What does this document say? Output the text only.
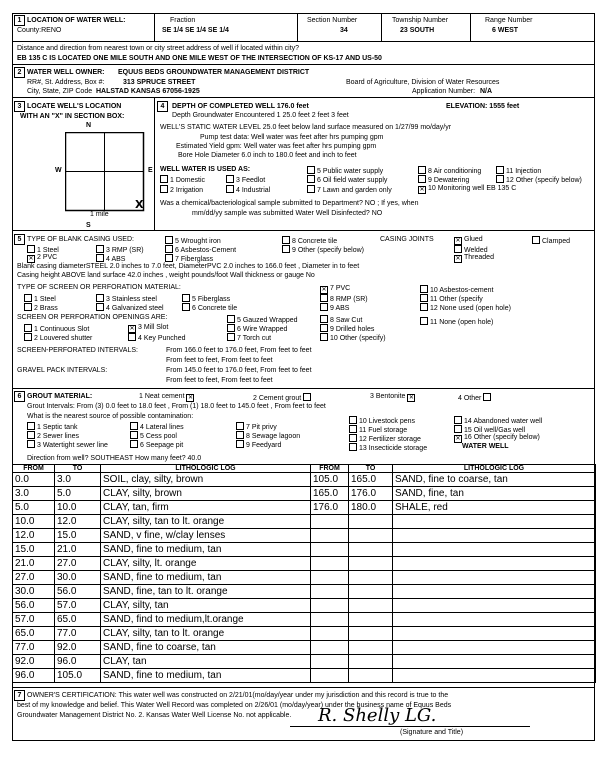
1 LOCATION OF WATER WELL:
County:RENO
Fraction
SE 1/4 SE 1/4 SE 1/4
Section Number
34
Township Number
23 SOUTH
Range Number
6 WEST
Distance and direction from nearest town or city street address of well if located within city?
EB 135 C IS LOCATED ONE MILE SOUTH AND ONE MILE WEST OF THE INTERSECTION OF KS-17 AND US-50
2 WATER WELL OWNER: EQUUS BEDS GROUNDWATER MANAGEMENT DISTRICT
RR#, St. Address, Box #:	313 SPRUCE STREET	Board of Agriculture, Division of Water Resources
City, State, ZIP Code HALSTAD KANSAS 67056-1925	Application Number: N/A
3 LOCATE WELL'S LOCATION
WITH AN "X" IN SECTION BOX:
N
W	E
S
X
1 mile
4	DEPTH OF COMPLETED WELL 176.0 feet	ELEVATION: 1555 feet
Depth Groundwater Encountered 1 25.0 feet 2 feet 3 feet
WELL'S STATIC WATER LEVEL 25.0 feet below land surface measured on 1/27/99 mo/day/yr
Pump test data: Well water was feet after hrs pumping gpm
Estimated Yield gpm: Well water was feet after hrs pumping gpm
Bore Hole Diameter 6.0 inch to 180.0 feet and inch to feet
WELL WATER IS USED AS:
1 Domestic	3 Feedlot
5 Public water supply	8 Air conditioning	11 Injection
2 Irrigation	4 Industrial
6 Oil field water supply	9 Dewatering	12 Other (specify below)
7 Lawn and garden only ✕	10 Monitoring well EB 135 C
Was a chemical/bacteriological sample submitted to Department? NO ; If yes, when
mm/dd/yy sample was submitted Water Well Disinfected? NO
5 TYPE OF BLANK CASING USED:
1 Steel
✕2 PVC
3 RMP (SR)
4 ABS
5 Wrought iron
6 Asbestos-Cement
7 Fiberglass
8 Concrete tile
9 Other (specify below)
CASING JOINTS ✕	Glued	Clamped
Welded
✕Threaded
Blank casing diameterSTEEL 2.0 inches to 7.0 feet, DiameterPVC 2.0 inches to 166.0 feet , Diameter in to feet
Casing height ABOVE land surface 42.0 inches , weight pounds/foot Wall thickness or gauge No
TYPE OF SCREEN OR PERFORATION MATERIAL:
1 Steel
2 Brass
3 Stainless steel
4 Galvanized steel
5 Fiberglass
6 Concrete tile
✕7 PVC
8 RMP (SR)
9 ABS
10 Asbestos-cement
11 Other (specify
12 None used (open hole)
SCREEN OR PERFORATION OPENINGS ARE:
1 Continuous Slot
2 Louvered shutter
✕3 Mill Slot
4 Key Punched
5 Gauzed Wrapped
6 Wire Wrapped
7 Torch cut
8 Saw Cut
9 Drilled holes
10 Other (specify)
11 None (open hole)
SCREEN-PERFORATED INTERVALS:	From 166.0 feet to 176.0 feet, From feet to feet
From feet to feet, From feet to feet
GRAVEL PACK INTERVALS:	From 145.0 feet to 176.0 feet, From feet to feet
From feet to feet, From feet to feet
6 GROUT MATERIAL:	1 Neat cement ✕	2 Cement grout	3 Bentonite ✕	4 Other
Grout Intervals: From (3) 0.0 feet to 18.0 feet , From (1) 18.0 feet to 145.0 feet , From feet to feet
What is the nearest source of possible contamination:
1 Septic tank
2 Sewer lines
3 Watertight sewer line
4 Lateral lines
5 Cess pool
6 Seepage pit
7 Pit privy
8 Sewage lagoon
9 Feedyard
10 Livestock pens
11 Fuel storage
12 Fertilizer storage
13 Insecticide storage
14 Abandoned water well
15 Oil well/Gas well
✕16 Other (specify below)
WATER WELL
Direction from well? SOUTHEAST How many feet? 40.0
FROM	TO	LITHOLOGIC LOG	FROM	TO	LITHOLOGIC LOG
0.0	3.0	SOIL, clay, silty, brown	105.0	165.0	SAND, fine to coarse, tan
3.0	5.0	CLAY, silty, brown	165.0	176.0	SAND, fine, tan
5.0	10.0	CLAY, tan, firm	176.0	180.0	SHALE, red
10.0	12.0	CLAY, silty, tan to lt. orange			
12.0	15.0	SAND, v fine, w/clay lenses			
15.0	21.0	SAND, fine to medium, tan			
21.0	27.0	CLAY, silty, lt. orange			
27.0	30.0	SAND, fine to medium, tan			
30.0	56.0	SAND, fine, tan to lt. orange			
56.0	57.0	CLAY, silty, tan			
57.0	65.0	SAND, find to medium,lt.orange			
65.0	77.0	CLAY, silty, tan to lt. orange			
77.0	92.0	SAND, fine to coarse, tan			
92.0	96.0	CLAY, tan			
96.0	105.0	SAND, fine to medium, tan			
7 OWNER'S CERTIFICATION: This water well was constructed on 2/21/01(mo/day/year under my jurisdiction and this record is true to the
best of my knowledge and belief. This Water Well Record was completed on 2/26/01 (mo/day/year) under the business name of Equus Beds
Groundwater Management District No. 2. Kansas Water Well License No. not applicable. R. Shelly LG.
(Signature and Title)
